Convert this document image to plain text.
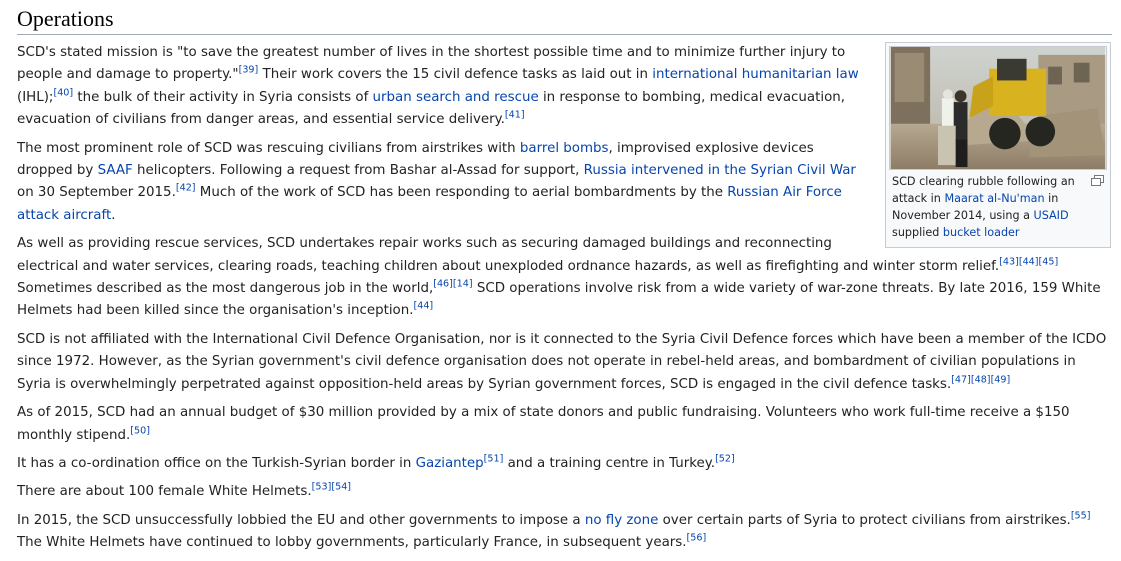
Operations
SCD clearing rubble following an attack in Maarat al-Nu'man in November 2014, using a USAID supplied bucket loader

SCD's stated mission is "to save the greatest number of lives in the shortest possible time and to minimize further injury to people and damage to property."[39] Their work covers the 15 civil defence tasks as laid out in international humanitarian law (IHL);[40] the bulk of their activity in Syria consists of urban search and rescue in response to bombing, medical evacuation, evacuation of civilians from danger areas, and essential service delivery.[41]

The most prominent role of SCD was rescuing civilians from airstrikes with barrel bombs, improvised explosive devices dropped by SAAF helicopters. Following a request from Bashar al-Assad for support, Russia intervened in the Syrian Civil War on 30 September 2015.[42] Much of the work of SCD has been responding to aerial bombardments by the Russian Air Force attack aircraft.

As well as providing rescue services, SCD undertakes repair works such as securing damaged buildings and reconnecting electrical and water services, clearing roads, teaching children about unexploded ordnance hazards, as well as firefighting and winter storm relief.[43][44][45] Sometimes described as the most dangerous job in the world,[46][14] SCD operations involve risk from a wide variety of war-zone threats. By late 2016, 159 White Helmets had been killed since the organisation's inception.[44]

SCD is not affiliated with the International Civil Defence Organisation, nor is it connected to the Syria Civil Defence forces which have been a member of the ICDO since 1972. However, as the Syrian government's civil defence organisation does not operate in rebel-held areas, and bombardment of civilian populations in Syria is overwhelmingly perpetrated against opposition-held areas by Syrian government forces, SCD is engaged in the civil defence tasks.[47][48][49]

As of 2015, SCD had an annual budget of $30 million provided by a mix of state donors and public fundraising. Volunteers who work full-time receive a $150 monthly stipend.[50]

It has a co-ordination office on the Turkish-Syrian border in Gaziantep[51] and a training centre in Turkey.[52]

There are about 100 female White Helmets.[53][54]

In 2015, the SCD unsuccessfully lobbied the EU and other governments to impose a no fly zone over certain parts of Syria to protect civilians from airstrikes.[55] The White Helmets have continued to lobby governments, particularly France, in subsequent years.[56]
